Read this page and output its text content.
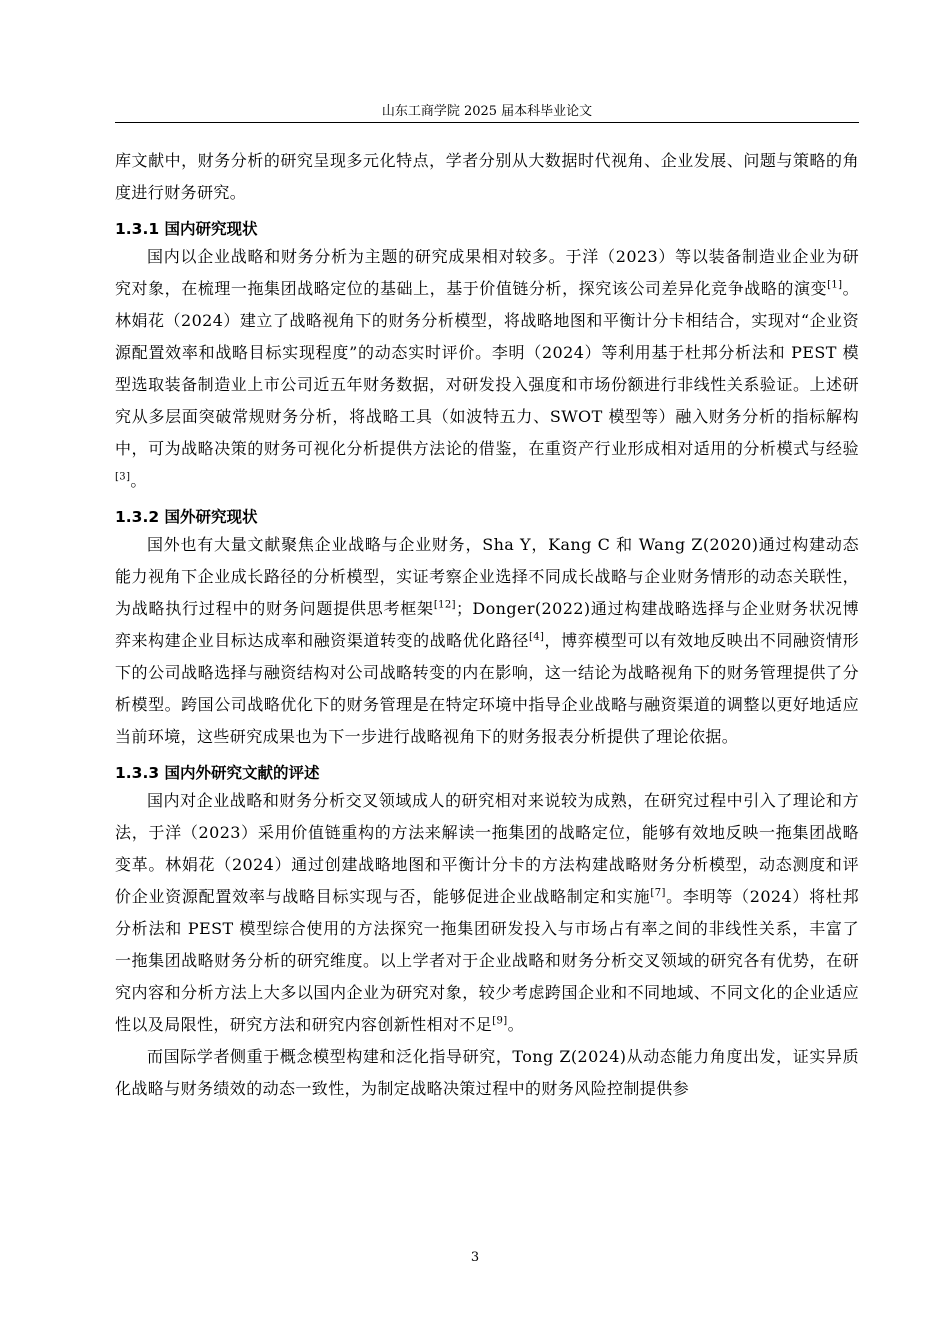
山东工商学院 2025 届本科毕业论文

库文献中，财务分析的研究呈现多元化特点，学者分别从大数据时代视角、企业发展、问题与策略的角度进行财务研究。

1.3.1 国内研究现状

国内以企业战略和财务分析为主题的研究成果相对较多。于洋（2023）等以装备制造业企业为研究对象，在梳理一拖集团战略定位的基础上，基于价值链分析，探究该公司差异化竞争战略的演变[1]。林娟花（2024）建立了战略视角下的财务分析模型，将战略地图和平衡计分卡相结合，实现对“企业资源配置效率和战略目标实现程度”的动态实时评价。李明（2024）等利用基于杜邦分析法和 PEST 模型选取装备制造业上市公司近五年财务数据，对研发投入强度和市场份额进行非线性关系验证。上述研究从多层面突破常规财务分析，将战略工具（如波特五力、SWOT 模型等）融入财务分析的指标解构中，可为战略决策的财务可视化分析提供方法论的借鉴，在重资产行业形成相对适用的分析模式与经验[3]。

1.3.2 国外研究现状

国外也有大量文献聚焦企业战略与企业财务，Sha Y，Kang C 和 Wang Z(2020)通过构建动态能力视角下企业成长路径的分析模型，实证考察企业选择不同成长战略与企业财务情形的动态关联性，为战略执行过程中的财务问题提供思考框架[12]；Donger(2022)通过构建战略选择与企业财务状况博弈来构建企业目标达成率和融资渠道转变的战略优化路径[4]，博弈模型可以有效地反映出不同融资情形下的公司战略选择与融资结构对公司战略转变的内在影响，这一结论为战略视角下的财务管理提供了分析模型。跨国公司战略优化下的财务管理是在特定环境中指导企业战略与融资渠道的调整以更好地适应当前环境，这些研究成果也为下一步进行战略视角下的财务报表分析提供了理论依据。

1.3.3 国内外研究文献的评述

国内对企业战略和财务分析交叉领域成人的研究相对来说较为成熟，在研究过程中引入了理论和方法，于洋（2023）采用价值链重构的方法来解读一拖集团的战略定位，能够有效地反映一拖集团战略变革。林娟花（2024）通过创建战略地图和平衡计分卡的方法构建战略财务分析模型，动态测度和评价企业资源配置效率与战略目标实现与否，能够促进企业战略制定和实施[7]。李明等（2024）将杜邦分析法和 PEST 模型综合使用的方法探究一拖集团研发投入与市场占有率之间的非线性关系，丰富了一拖集团战略财务分析的研究维度。以上学者对于企业战略和财务分析交叉领域的研究各有优势，在研究内容和分析方法上大多以国内企业为研究对象，较少考虑跨国企业和不同地域、不同文化的企业适应性以及局限性，研究方法和研究内容创新性相对不足[9]。

而国际学者侧重于概念模型构建和泛化指导研究，Tong Z(2024)从动态能力角度出发，证实异质化战略与财务绩效的动态一致性，为制定战略决策过程中的财务风险控制提供参

3
